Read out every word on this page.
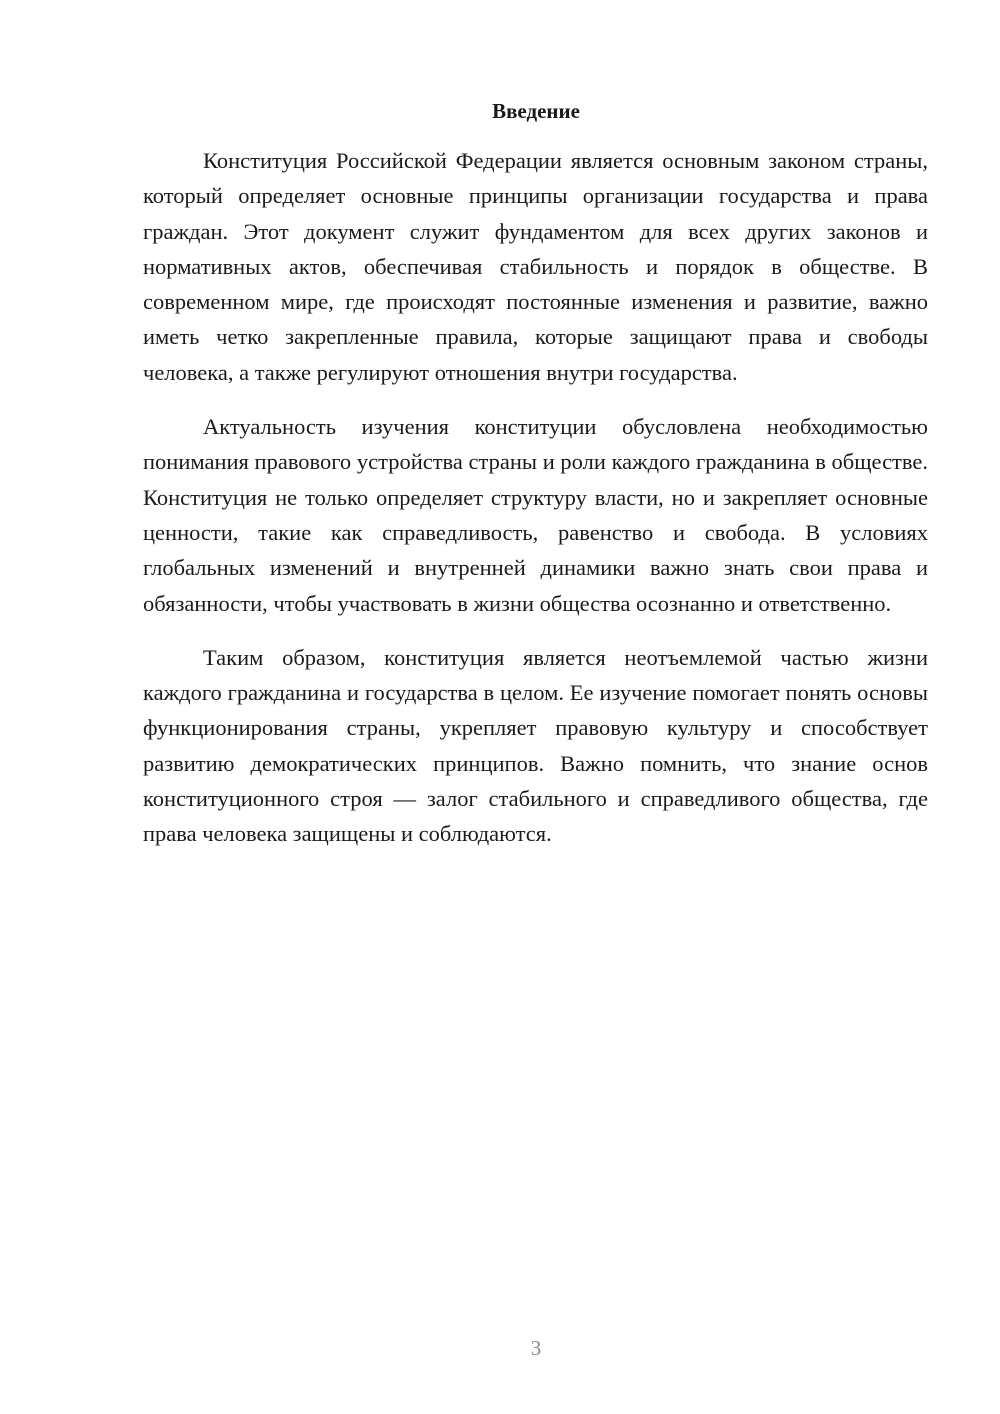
Введение

Конституция Российской Федерации является основным законом страны, который определяет основные принципы организации государства и права граждан. Этот документ служит фундаментом для всех других законов и нормативных актов, обеспечивая стабильность и порядок в обществе. В современном мире, где происходят постоянные изменения и развитие, важно иметь четко закрепленные правила, которые защищают права и свободы человека, а также регулируют отношения внутри государства.

Актуальность изучения конституции обусловлена необходимостью понимания правового устройства страны и роли каждого гражданина в обществе. Конституция не только определяет структуру власти, но и закрепляет основные ценности, такие как справедливость, равенство и свобода. В условиях глобальных изменений и внутренней динамики важно знать свои права и обязанности, чтобы участвовать в жизни общества осознанно и ответственно.

Таким образом, конституция является неотъемлемой частью жизни каждого гражданина и государства в целом. Ее изучение помогает понять основы функционирования страны, укрепляет правовую культуру и способствует развитию демократических принципов. Важно помнить, что знание основ конституционного строя — залог стабильного и справедливого общества, где права человека защищены и соблюдаются.

3
